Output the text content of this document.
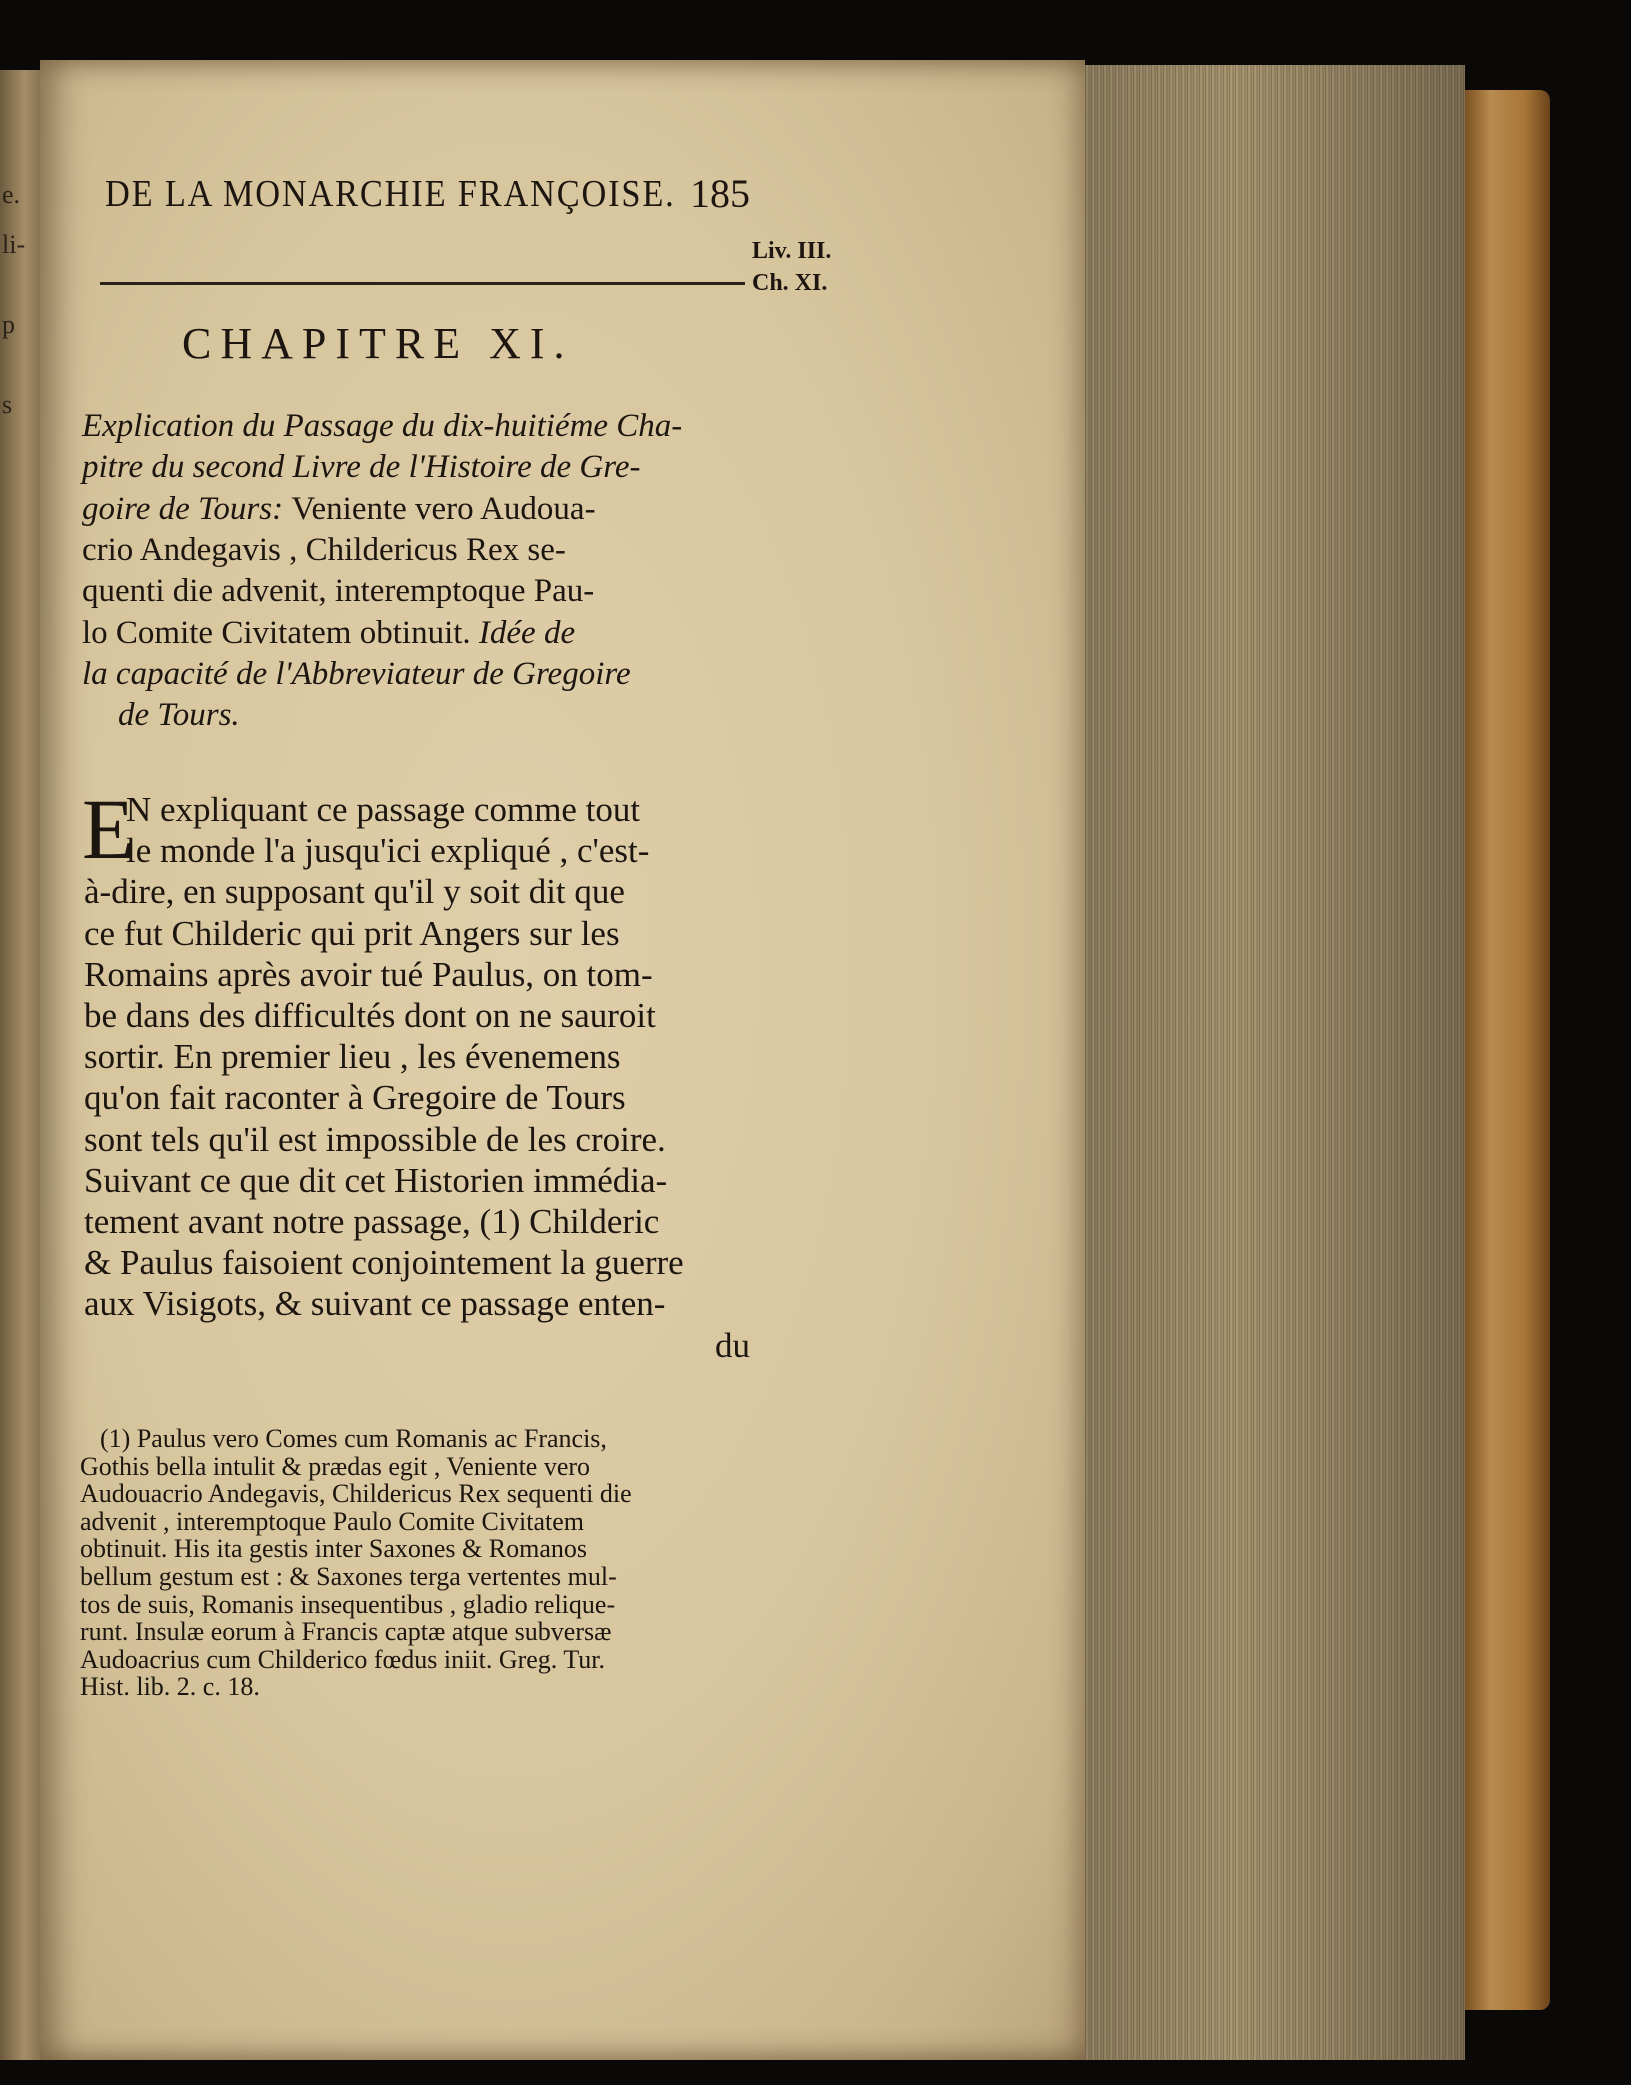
e.
li-
p
s
DE LA MONARCHIE FRANÇOISE. 185
Liv. III.
Ch. XI.
CHAPITRE XI.
E
Explication du Passage du dix-huitiéme Cha-
pitre du second Livre de l'Histoire de Gre-
goire de Tours: Veniente vero Audoua-
crio Andegavis , Childericus Rex se-
quenti die advenit, interemptoque Pau-
lo Comite Civitatem obtinuit. Idée de
la capacité de l'Abbreviateur de Gregoire
de Tours.
N expliquant ce passage comme tout
le monde l'a jusqu'ici expliqué , c'est-
à-dire, en supposant qu'il y soit dit que
ce fut Childeric qui prit Angers sur les
Romains après avoir tué Paulus, on tom-
be dans des difficultés dont on ne sauroit
sortir. En premier lieu , les évenemens
qu'on fait raconter à Gregoire de Tours
sont tels qu'il est impossible de les croire.
Suivant ce que dit cet Historien immédia-
tement avant notre passage, (1) Childeric
& Paulus faisoient conjointement la guerre
aux Visigots, & suivant ce passage enten-
du
(1) Paulus vero Comes cum Romanis ac Francis,
Gothis bella intulit & prædas egit , Veniente vero
Audouacrio Andegavis, Childericus Rex sequenti die
advenit , interemptoque Paulo Comite Civitatem
obtinuit. His ita gestis inter Saxones & Romanos
bellum gestum est : & Saxones terga vertentes mul-
tos de suis, Romanis insequentibus , gladio relique-
runt. Insulæ eorum à Francis captæ atque subversæ
Audoacrius cum Childerico fœdus iniit. Greg. Tur.
Hist. lib. 2. c. 18.
